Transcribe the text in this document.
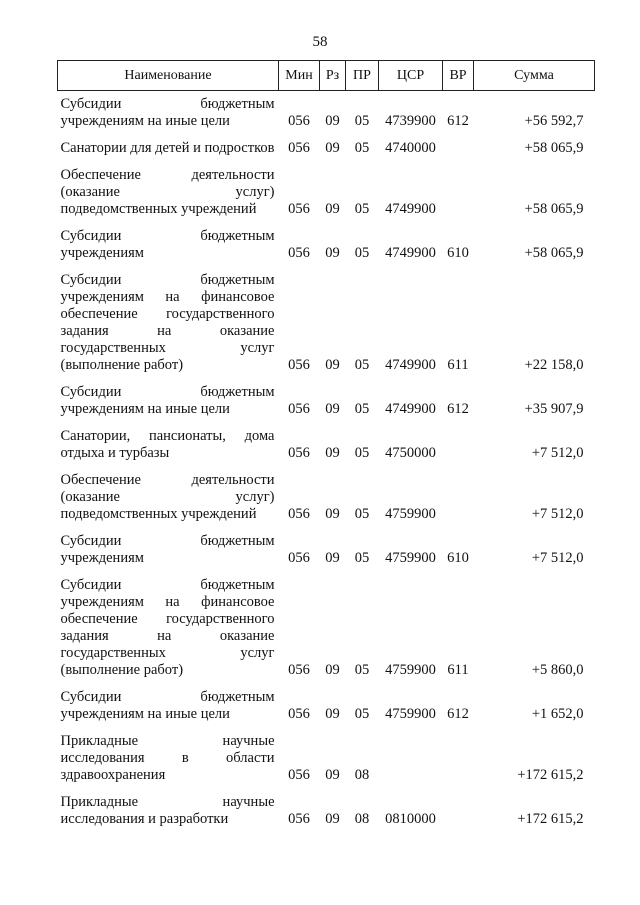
58
Наименование	Мин	Рз	ПР	ЦСР	ВР	Сумма
Субсидии бюджетным учреждениям на иные цели	056	09	05	4739900	612	+56 592,7
Санатории для детей и подростков	056	09	05	4740000		+58 065,9
Обеспечение деятельности (оказание услуг) подведомственных учреждений	056	09	05	4749900		+58 065,9
Субсидии бюджетным учреждениям	056	09	05	4749900	610	+58 065,9
Субсидии бюджетным учреждениям на финансовое обеспечение государственного задания на оказание государственных услуг (выполнение работ)	056	09	05	4749900	611	+22 158,0
Субсидии бюджетным учреждениям на иные цели	056	09	05	4749900	612	+35 907,9
Санатории, пансионаты, дома отдыха и турбазы	056	09	05	4750000		+7 512,0
Обеспечение деятельности (оказание услуг) подведомственных учреждений	056	09	05	4759900		+7 512,0
Субсидии бюджетным учреждениям	056	09	05	4759900	610	+7 512,0
Субсидии бюджетным учреждениям на финансовое обеспечение государственного задания на оказание государственных услуг (выполнение работ)	056	09	05	4759900	611	+5 860,0
Субсидии бюджетным учреждениям на иные цели	056	09	05	4759900	612	+1 652,0
Прикладные научные исследования в области здравоохранения	056	09	08			+172 615,2
Прикладные научные исследования и разработки	056	09	08	0810000		+172 615,2
